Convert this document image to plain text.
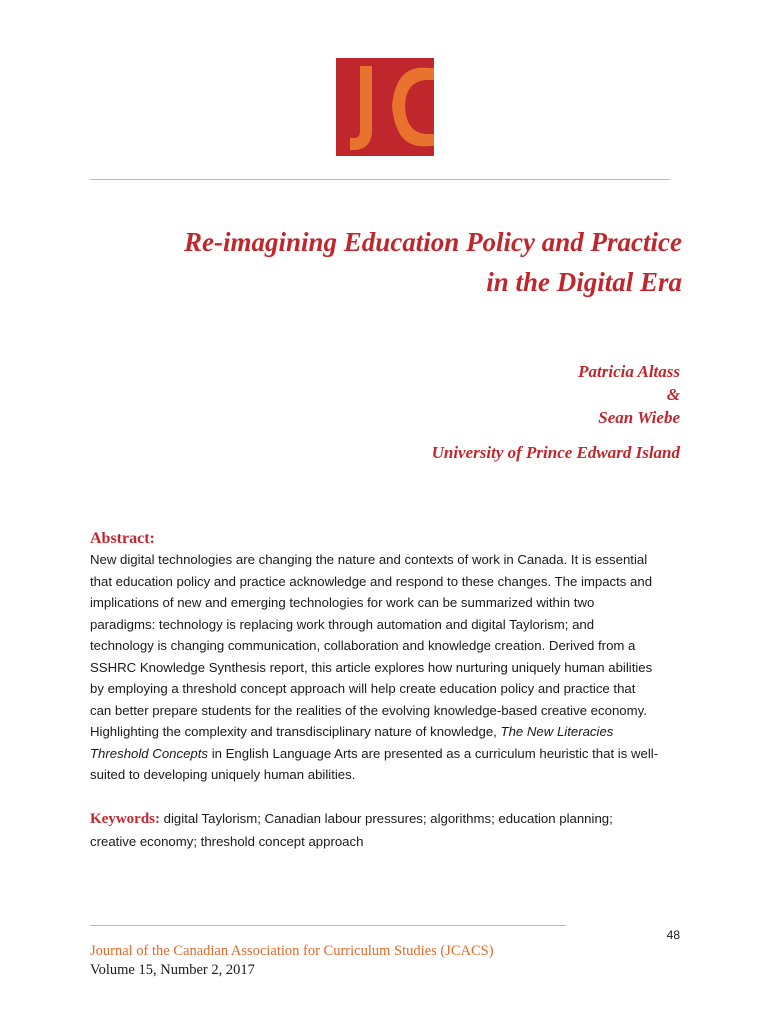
Re-imagining Education Policy and Practice
in the Digital Era
Patricia Altass
&
Sean Wiebe
University of Prince Edward Island
Abstract:
New digital technologies are changing the nature and contexts of work in Canada. It is essential
that education policy and practice acknowledge and respond to these changes. The impacts and
implications of new and emerging technologies for work can be summarized within two
paradigms: technology is replacing work through automation and digital Taylorism; and
technology is changing communication, collaboration and knowledge creation. Derived from a
SSHRC Knowledge Synthesis report, this article explores how nurturing uniquely human abilities
by employing a threshold concept approach will help create education policy and practice that
can better prepare students for the realities of the evolving knowledge-based creative economy.
Highlighting the complexity and transdisciplinary nature of knowledge, The New Literacies
Threshold Concepts in English Language Arts are presented as a curriculum heuristic that is well-
suited to developing uniquely human abilities.
Keywords: digital Taylorism; Canadian labour pressures; algorithms; education planning;
creative economy; threshold concept approach
48
Journal of the Canadian Association for Curriculum Studies (JCACS)
Volume 15, Number 2, 2017
